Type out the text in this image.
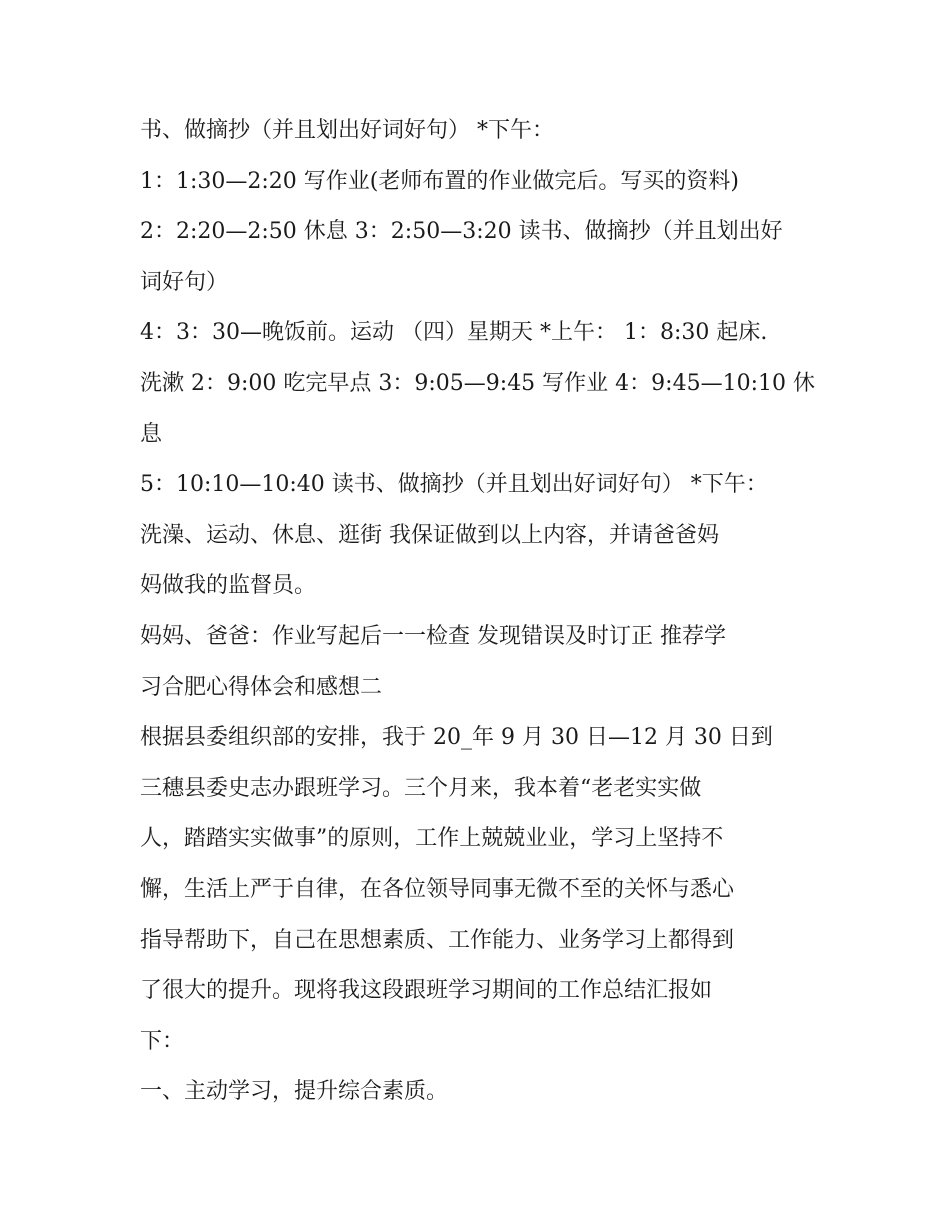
书、做摘抄（并且划出好词好句） *下午：
1：1:30—2:20 写作业(老师布置的作业做完后。写买的资料)
2：2:20—2:50 休息 3：2:50—3:20 读书、做摘抄（并且划出好
词好句）
4：3：30—晚饭前。运动 （四）星期天 *上午： 1：8:30 起床.
洗漱 2：9:00 吃完早点 3：9:05—9:45 写作业 4：9:45—10:10 休
息
5：10:10—10:40 读书、做摘抄（并且划出好词好句） *下午：
洗澡、运动、休息、逛街 我保证做到以上内容，并请爸爸妈
妈做我的监督员。
妈妈、爸爸：作业写起后一一检查 发现错误及时订正 推荐学
习合肥心得体会和感想二
根据县委组织部的安排，我于 20_年 9 月 30 日—12 月 30 日到
三穗县委史志办跟班学习。三个月来，我本着“老老实实做
人，踏踏实实做事”的原则，工作上兢兢业业，学习上坚持不
懈，生活上严于自律，在各位领导同事无微不至的关怀与悉心
指导帮助下，自己在思想素质、工作能力、业务学习上都得到
了很大的提升。现将我这段跟班学习期间的工作总结汇报如
下：
一、主动学习，提升综合素质。
